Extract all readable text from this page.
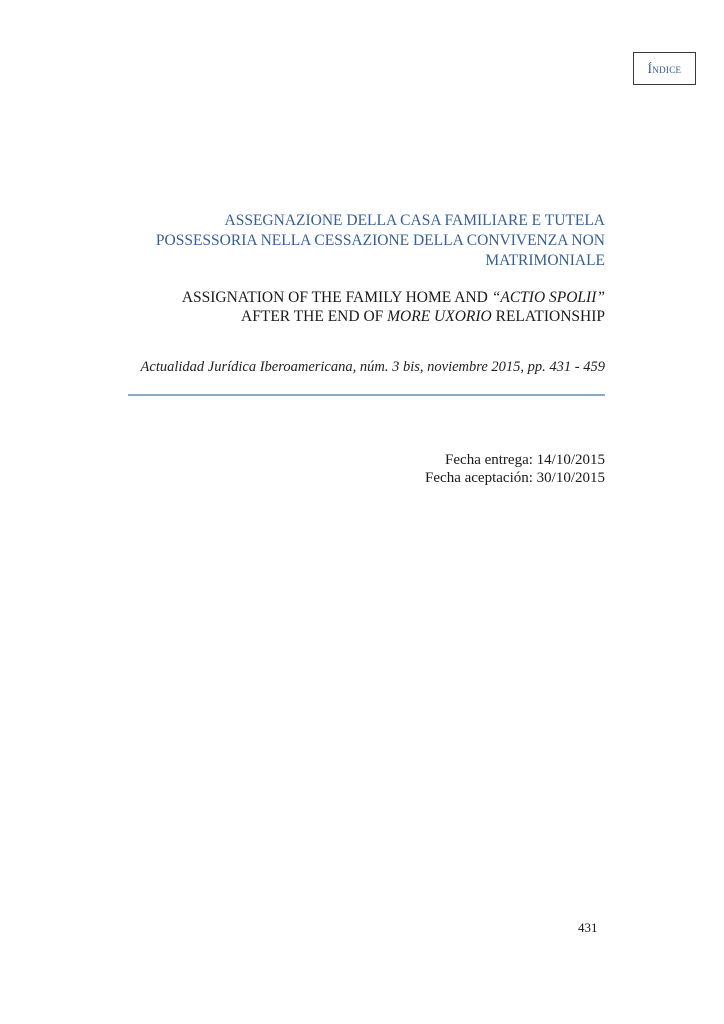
Índice
ASSEGNAZIONE DELLA CASA FAMILIARE E TUTELA
POSSESSORIA NELLA CESSAZIONE DELLA CONVIVENZA NON
MATRIMONIALE
ASSIGNATION OF THE FAMILY HOME AND “ACTIO SPOLII”
AFTER THE END OF MORE UXORIO RELATIONSHIP
Actualidad Jurídica Iberoamericana, núm. 3 bis, noviembre 2015, pp. 431 - 459
Fecha entrega: 14/10/2015
Fecha aceptación: 30/10/2015
431
